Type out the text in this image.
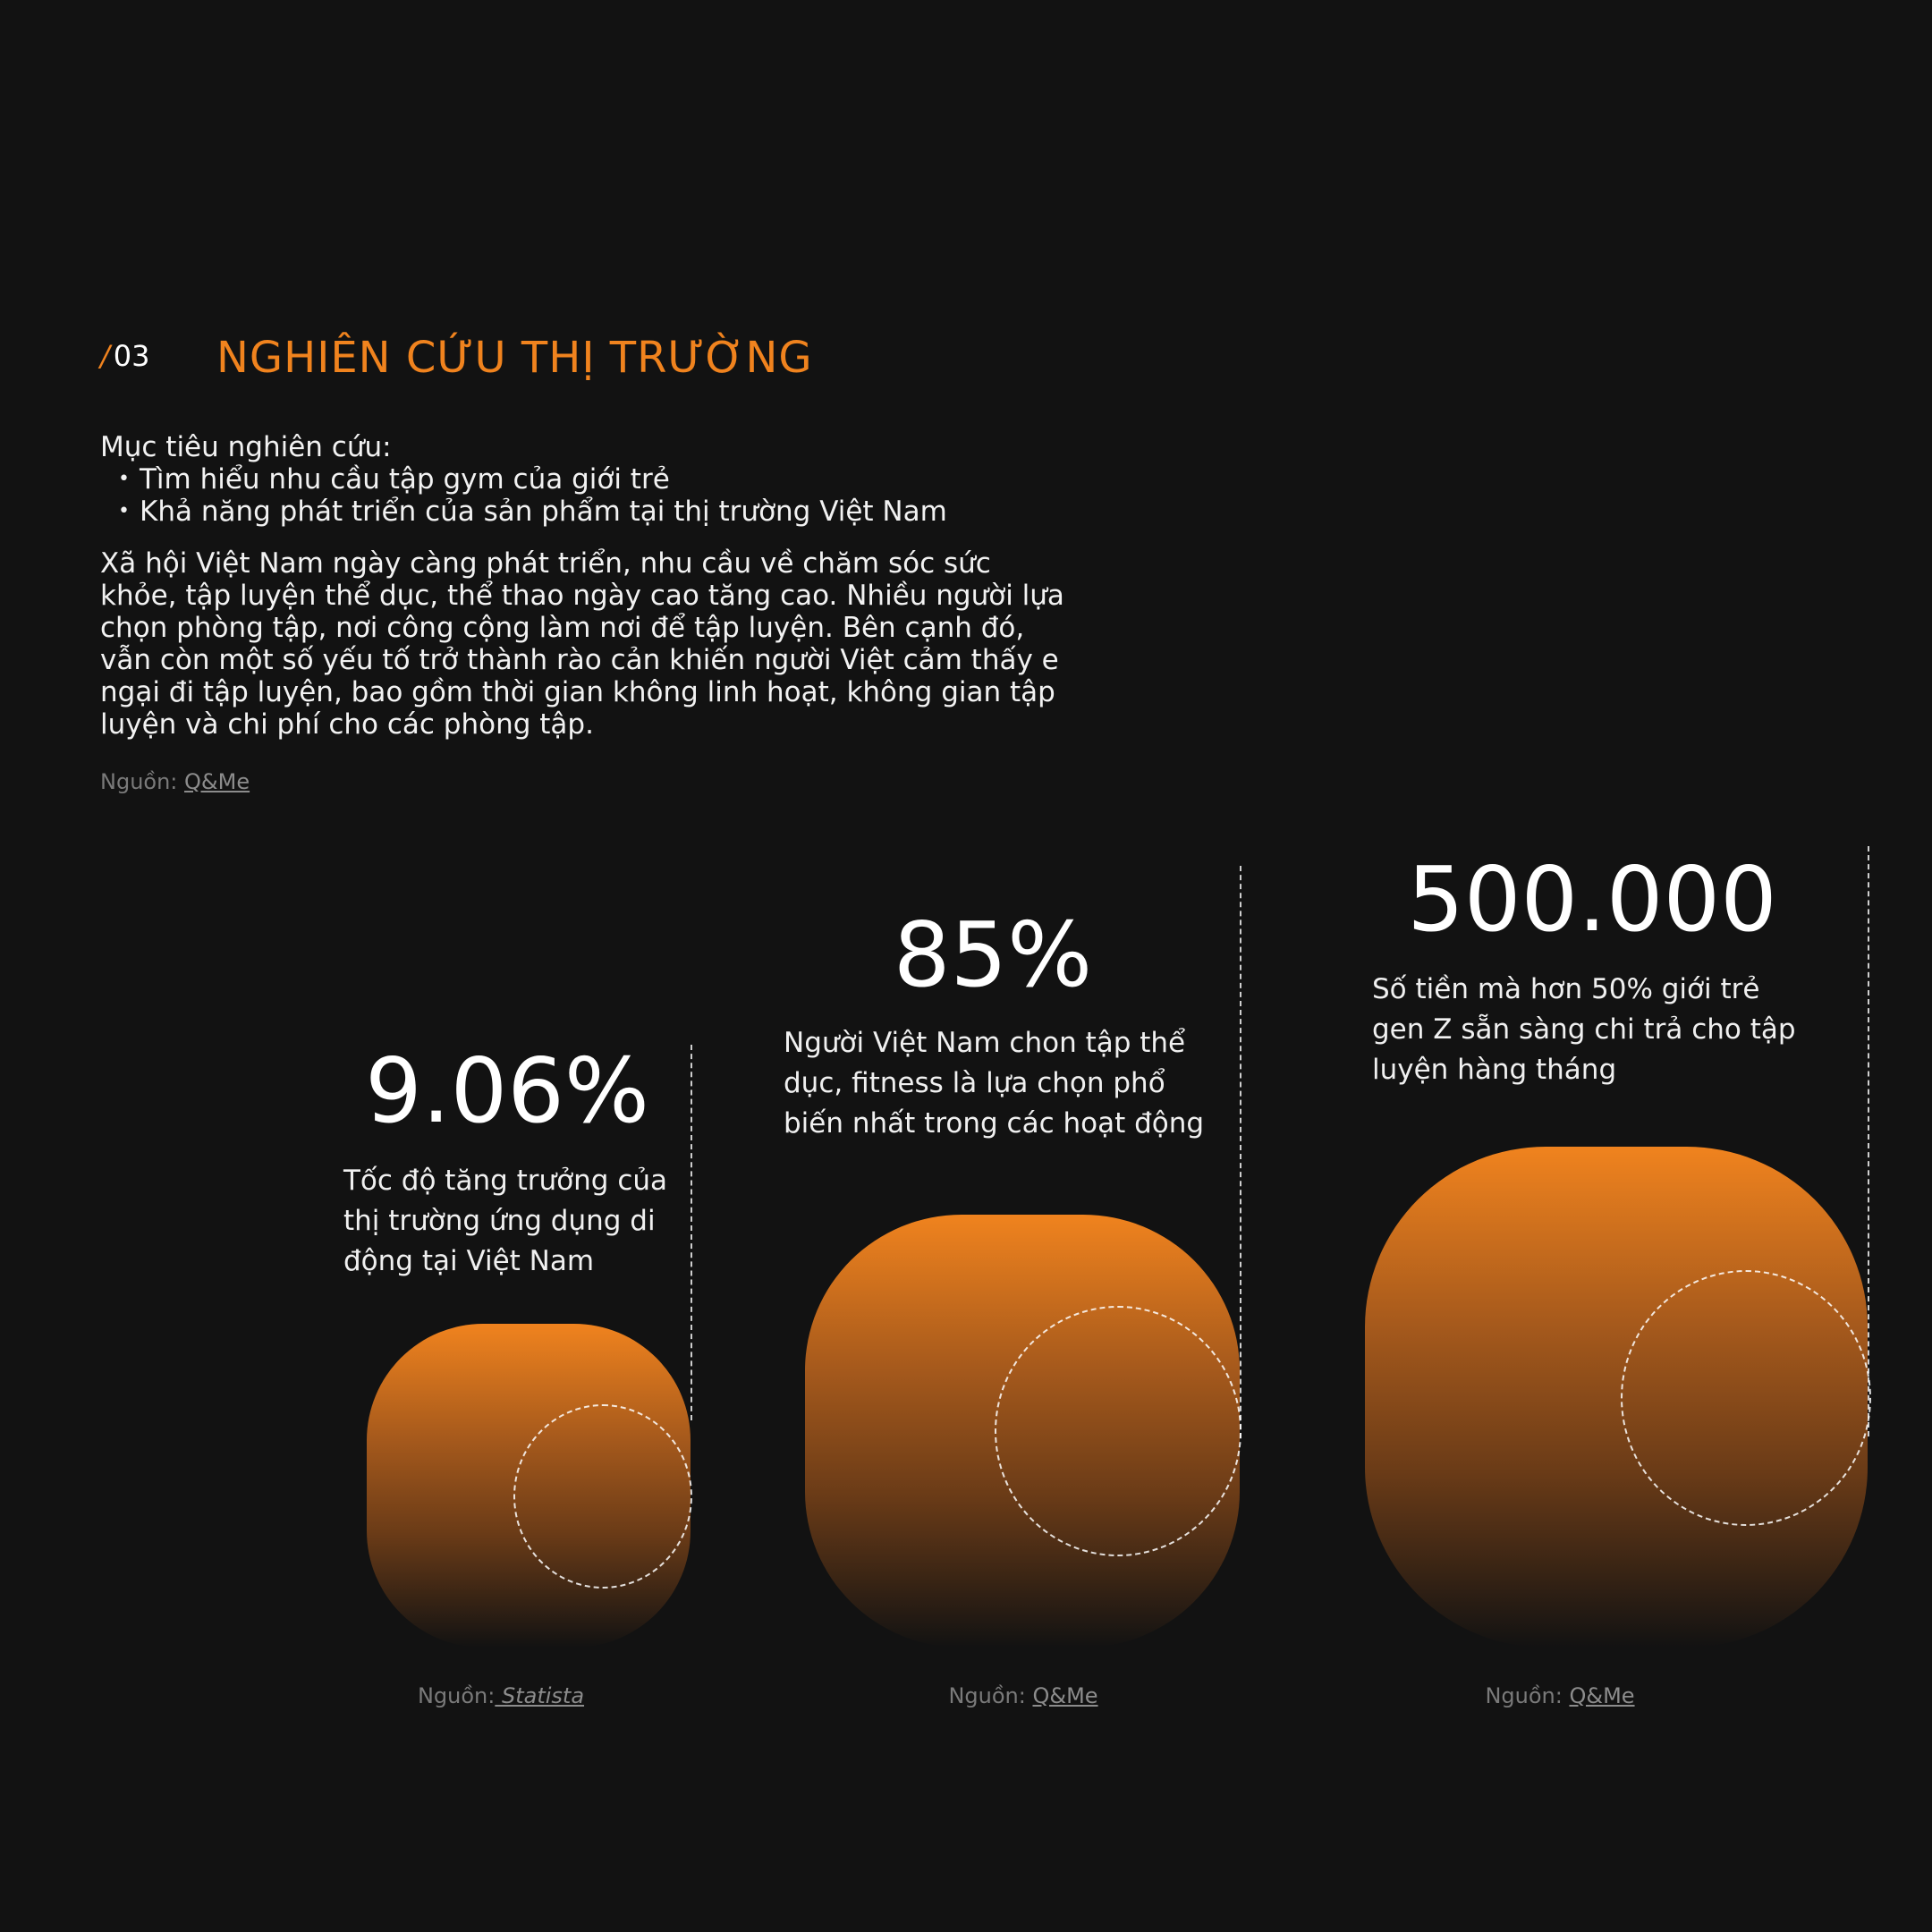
/ 03 NGHIÊN CỨU THỊ TRƯỜNG

Mục tiêu nghiên cứu:

• Tìm hiểu nhu cầu tập gym của giới trẻ
• Khả năng phát triển của sản phẩm tại thị trường Việt Nam
Xã hội Việt Nam ngày càng phát triển, nhu cầu về chăm sóc sức khỏe, tập luyện thể dục, thể thao ngày cao tăng cao. Nhiều người lựa chọn phòng tập, nơi công cộng làm nơi để tập luyện. Bên cạnh đó, vẫn còn một số yếu tố trở thành rào cản khiến người Việt cảm thấy e ngại đi tập luyện, bao gồm thời gian không linh hoạt, không gian tập luyện và chi phí cho các phòng tập.
Nguồn: Q&Me
9.06%
Tốc độ tăng trưởng của thị trường ứng dụng di động tại Việt Nam
Nguồn: Statista
85%
Người Việt Nam chon tập thể dục, fitness là lựa chọn phổ biến nhất trong các hoạt động
Nguồn: Q&Me
500.000
Số tiền mà hơn 50% giới trẻ gen Z sẵn sàng chi trả cho tập luyện hàng tháng
Nguồn: Q&Me
